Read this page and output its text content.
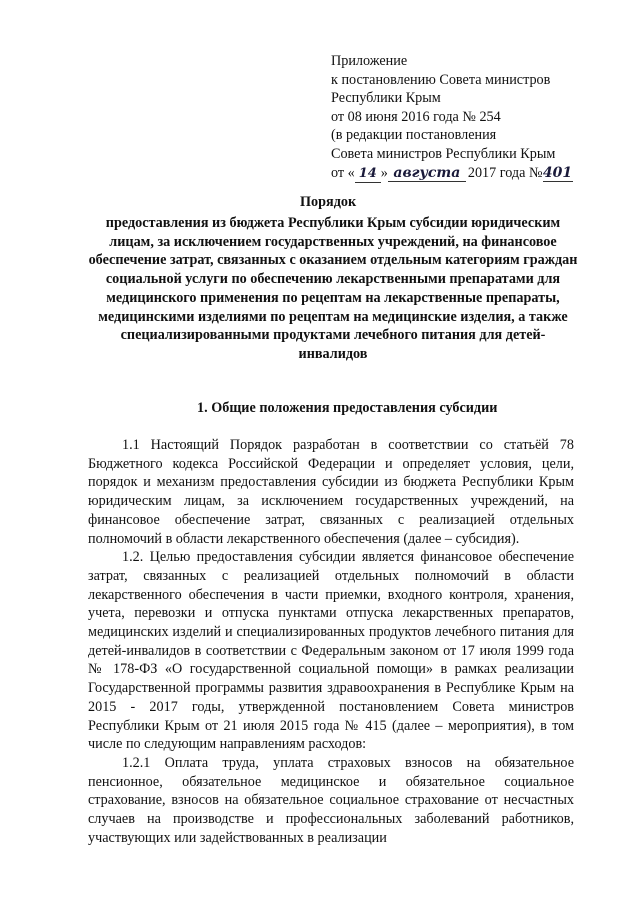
Приложение
к постановлению Совета министров
Республики Крым
от 08 июня 2016 года № 254
(в редакции постановления
Совета министров Республики Крым
от « 14 » августа 2017 года №401
Порядок
предоставления из бюджета Республики Крым субсидии юридическим лицам, за исключением государственных учреждений, на финансовое обеспечение затрат, связанных с оказанием отдельным категориям граждан социальной услуги по обеспечению лекарственными препаратами для медицинского применения по рецептам на лекарственные препараты, медицинскими изделиями по рецептам на медицинские изделия, а также специализированными продуктами лечебного питания для детей-инвалидов
1. Общие положения предоставления субсидии

1.1 Настоящий Порядок разработан в соответствии со статьёй 78 Бюджетного кодекса Российской Федерации и определяет условия, цели, порядок и механизм предоставления субсидии из бюджета Республики Крым юридическим лицам, за исключением государственных учреждений, на финансовое обеспечение затрат, связанных с реализацией отдельных полномочий в области лекарственного обеспечения (далее – субсидия).

1.2. Целью предоставления субсидии является финансовое обеспечение затрат, связанных с реализацией отдельных полномочий в области лекарственного обеспечения в части приемки, входного контроля, хранения, учета, перевозки и отпуска пунктами отпуска лекарственных препаратов, медицинских изделий и специализированных продуктов лечебного питания для детей-инвалидов в соответствии с Федеральным законом от 17 июля 1999 года № 178-ФЗ «О государственной социальной помощи» в рамках реализации Государственной программы развития здравоохранения в Республике Крым на 2015 - 2017 годы, утвержденной постановлением Совета министров Республики Крым от 21 июля 2015 года № 415 (далее – мероприятия), в том числе по следующим направлениям расходов:

1.2.1 Оплата труда, уплата страховых взносов на обязательное пенсионное, обязательное медицинское и обязательное социальное страхование, взносов на обязательное социальное страхование от несчастных случаев на производстве и профессиональных заболеваний работников, участвующих или задействованных в реализации
